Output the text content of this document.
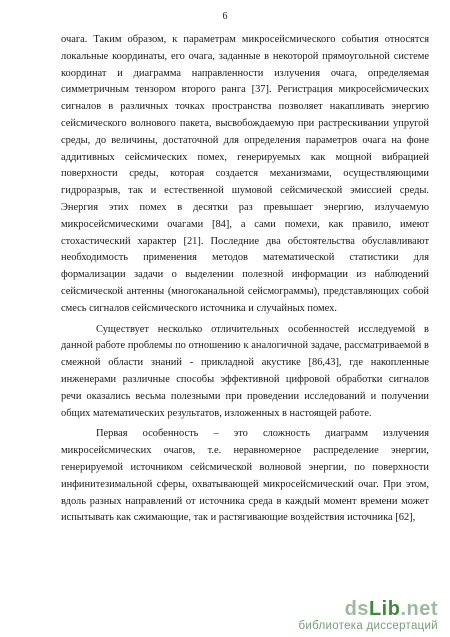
6

очага. Таким образом, к параметрам микросейсмического события относятся локальные координаты, его очага, заданные в некоторой прямоугольной системе координат и диаграмма направленности излучения очага, определяемая симметричным тензором второго ранга [37]. Регистрация микросейсмических сигналов в различных точках пространства позволяет накапливать энергию сейсмического волнового пакета, высвобождаемую при растрескивании упругой среды, до величины, достаточной для определения параметров очага на фоне аддитивных сейсмических помех, генерируемых как мощной вибрацией поверхности среды, которая создается механизмами, осуществляющими гидроразрыв, так и естественной шумовой сейсмической эмиссией среды. Энергия этих помех в десятки раз превышает энергию, излучаемую микросейсмическими очагами [84], а сами помехи, как правило, имеют стохастический характер [21]. Последние два обстоятельства обуславливают необходимость применения методов математической статистики для формализации задачи о выделении полезной информации из наблюдений сейсмической антенны (многоканальной сейсмограммы), представляющих собой смесь сигналов сейсмического источника и случайных помех.

Существует несколько отличительных особенностей исследуемой в данной работе проблемы по отношению к аналогичной задаче, рассматриваемой в смежной области знаний - прикладной акустике [86,43], где накопленные инженерами различные способы эффективной цифровой обработки сигналов речи оказались весьма полезными при проведении исследований и получении общих математических результатов, изложенных в настоящей работе.

Первая особенность – это сложность диаграмм излучения микросейсмических очагов, т.е. неравномерное распределение энергии, генерируемой источником сейсмической волновой энергии, по поверхности инфинитезимальной сферы, охватывающей микросейсмический очаг. При этом, вдоль разных направлений от источника среда в каждый момент времени может испытывать как сжимающие, так и растягивающие воздействия источника [62],

dsLib.net
библиотека диссертаций
